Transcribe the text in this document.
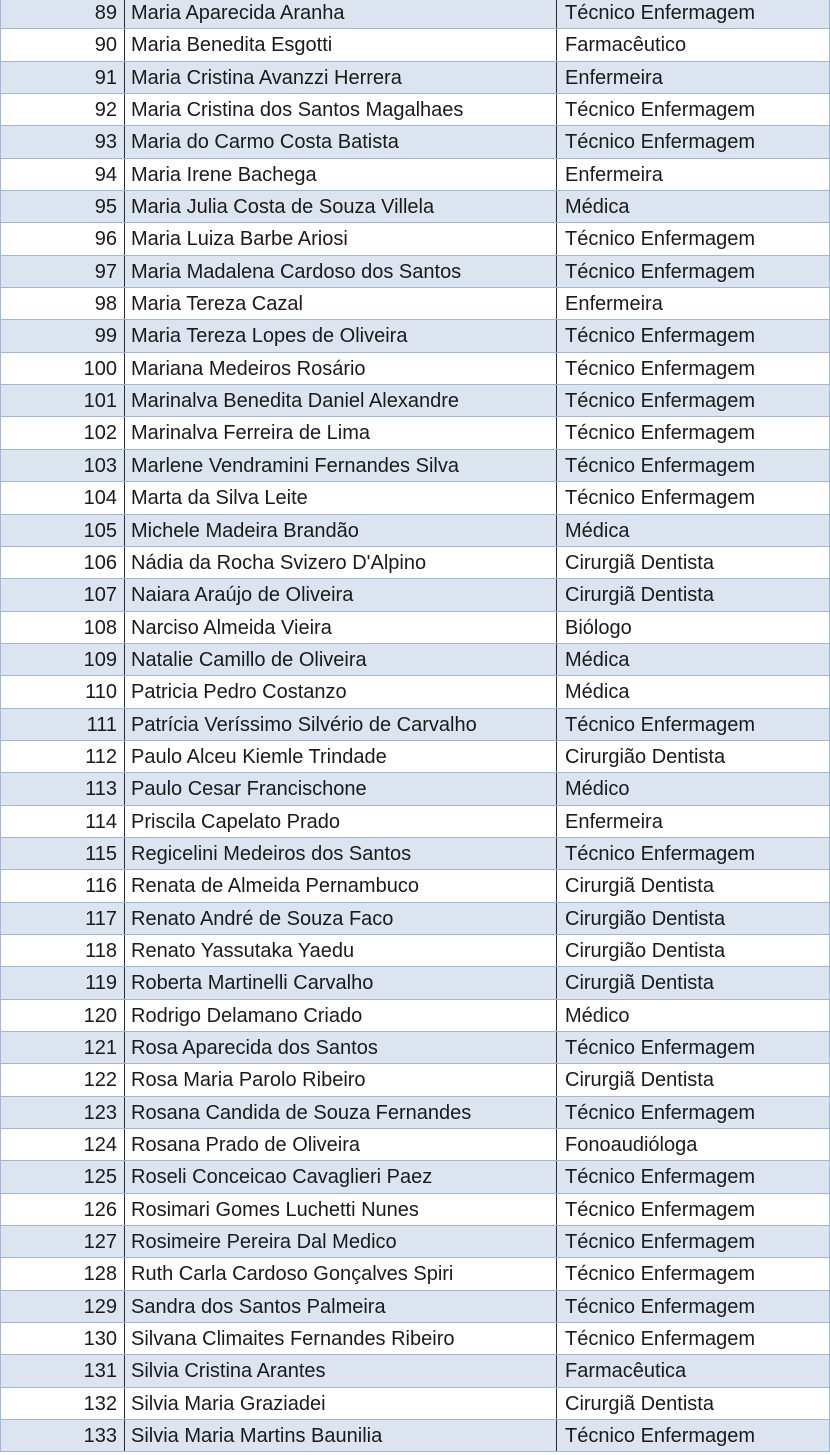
89 Maria Aparecida Aranha	Técnico Enfermagem
90 Maria Benedita Esgotti	Farmacêutico
91 Maria Cristina Avanzzi Herrera	Enfermeira
92 Maria Cristina dos Santos Magalhaes	Técnico Enfermagem
93 Maria do Carmo Costa Batista	Técnico Enfermagem
94 Maria Irene Bachega	Enfermeira
95 Maria Julia Costa de Souza Villela	Médica
96 Maria Luiza Barbe Ariosi	Técnico Enfermagem
97 Maria Madalena Cardoso dos Santos	Técnico Enfermagem
98 Maria Tereza Cazal	Enfermeira
99 Maria Tereza Lopes de Oliveira	Técnico Enfermagem
100 Mariana Medeiros Rosário	Técnico Enfermagem
101 Marinalva Benedita Daniel Alexandre	Técnico Enfermagem
102 Marinalva Ferreira de Lima	Técnico Enfermagem
103 Marlene Vendramini Fernandes Silva	Técnico Enfermagem
104 Marta da Silva Leite	Técnico Enfermagem
105 Michele Madeira Brandão	Médica
106 Nádia da Rocha Svizero D'Alpino	Cirurgiã Dentista
107 Naiara Araújo de Oliveira	Cirurgiã Dentista
108 Narciso Almeida Vieira	Biólogo
109 Natalie Camillo de Oliveira	Médica
110 Patricia Pedro Costanzo	Médica
111 Patrícia Veríssimo Silvério de Carvalho	Técnico Enfermagem
112 Paulo Alceu Kiemle Trindade	Cirurgião Dentista
113 Paulo Cesar Francischone	Médico
114 Priscila Capelato Prado	Enfermeira
115 Regicelini Medeiros dos Santos	Técnico Enfermagem
116 Renata de Almeida Pernambuco	Cirurgiã Dentista
117 Renato André de Souza Faco	Cirurgião Dentista
118 Renato Yassutaka Yaedu	Cirurgião Dentista
119 Roberta Martinelli Carvalho	Cirurgiã Dentista
120 Rodrigo Delamano Criado	Médico
121 Rosa Aparecida dos Santos	Técnico Enfermagem
122 Rosa Maria Parolo Ribeiro	Cirurgiã Dentista
123 Rosana Candida de Souza Fernandes	Técnico Enfermagem
124 Rosana Prado de Oliveira	Fonoaudióloga
125 Roseli Conceicao Cavaglieri Paez	Técnico Enfermagem
126 Rosimari Gomes Luchetti Nunes	Técnico Enfermagem
127 Rosimeire Pereira Dal Medico	Técnico Enfermagem
128 Ruth Carla Cardoso Gonçalves Spiri	Técnico Enfermagem
129 Sandra dos Santos Palmeira	Técnico Enfermagem
130 Silvana Climaites Fernandes Ribeiro	Técnico Enfermagem
131 Silvia Cristina Arantes	Farmacêutica
132 Silvia Maria Graziadei	Cirurgiã Dentista
133 Silvia Maria Martins Baunilia	Técnico Enfermagem
